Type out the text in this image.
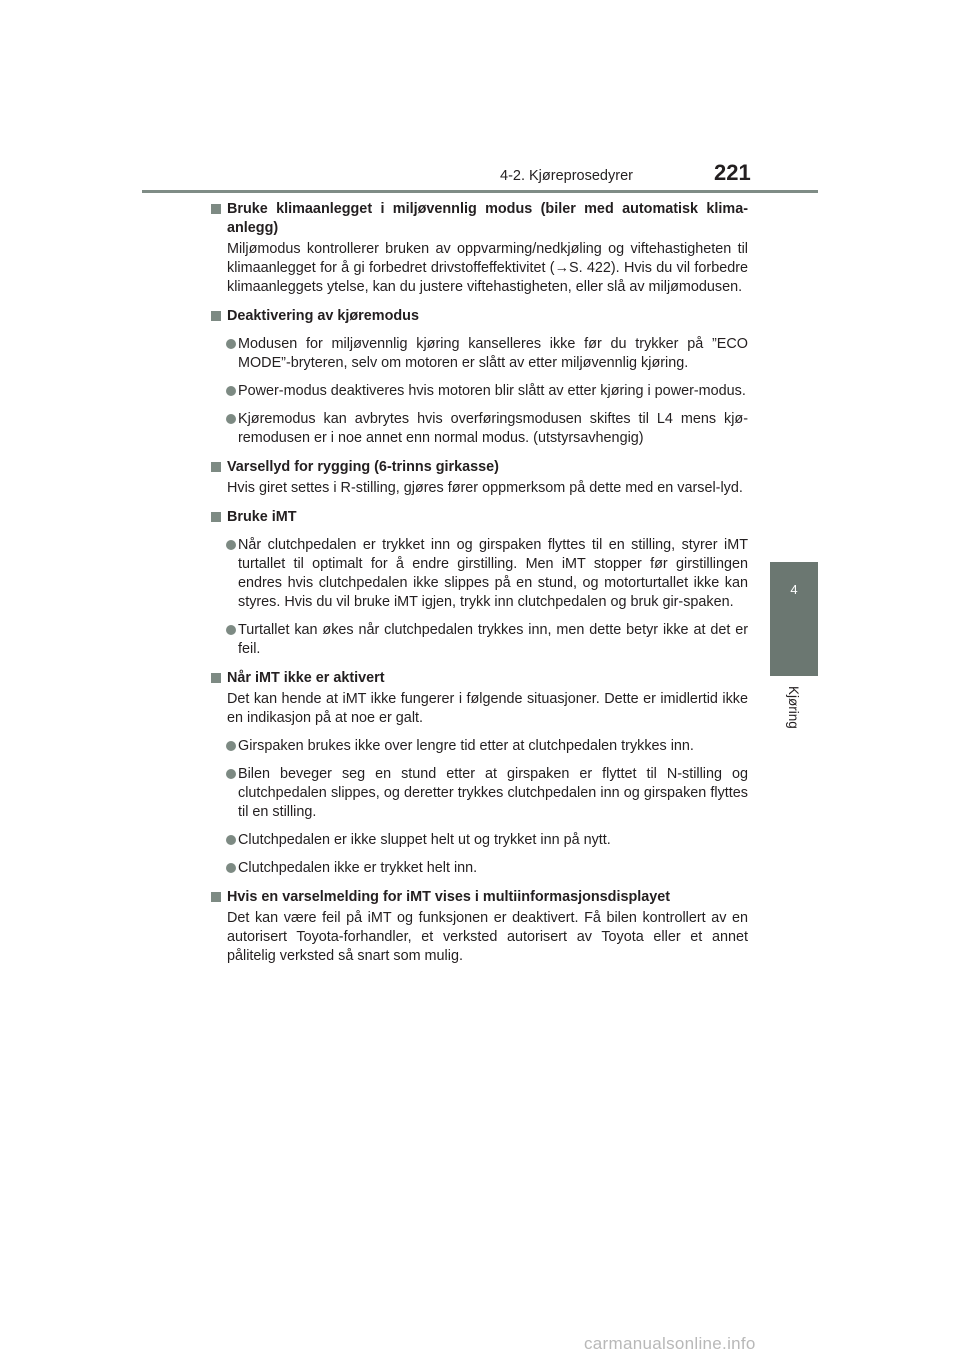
4-2. Kjøreprosedyrer	221
4
Kjøring
Bruke klimaanlegget i miljøvennlig modus (biler med automatisk klima-anlegg)
Miljømodus kontrollerer bruken av oppvarming/nedkjøling og viftehastigheten til klimaanlegget for å gi forbedret drivstoffeffektivitet (→S. 422). Hvis du vil forbedre klimaanleggets ytelse, kan du justere viftehastigheten, eller slå av miljømodusen.
Deaktivering av kjøremodus
Modusen for miljøvennlig kjøring kanselleres ikke før du trykker på ”ECO MODE”-bryteren, selv om motoren er slått av etter miljøvennlig kjøring.
Power-modus deaktiveres hvis motoren blir slått av etter kjøring i power-modus.
Kjøremodus kan avbrytes hvis overføringsmodusen skiftes til L4 mens kjø-remodusen er i noe annet enn normal modus. (utstyrsavhengig)
Varsellyd for rygging (6-trinns girkasse)
Hvis giret settes i R-stilling, gjøres fører oppmerksom på dette med en varsel-lyd.
Bruke iMT
Når clutchpedalen er trykket inn og girspaken flyttes til en stilling, styrer iMT turtallet til optimalt for å endre girstilling. Men iMT stopper før girstillingen endres hvis clutchpedalen ikke slippes på en stund, og motorturtallet ikke kan styres. Hvis du vil bruke iMT igjen, trykk inn clutchpedalen og bruk gir-spaken.
Turtallet kan økes når clutchpedalen trykkes inn, men dette betyr ikke at det er feil.
Når iMT ikke er aktivert
Det kan hende at iMT ikke fungerer i følgende situasjoner. Dette er imidlertid ikke en indikasjon på at noe er galt.
Girspaken brukes ikke over lengre tid etter at clutchpedalen trykkes inn.
Bilen beveger seg en stund etter at girspaken er flyttet til N-stilling og clutchpedalen slippes, og deretter trykkes clutchpedalen inn og girspaken flyttes til en stilling.
Clutchpedalen er ikke sluppet helt ut og trykket inn på nytt.
Clutchpedalen ikke er trykket helt inn.
Hvis en varselmelding for iMT vises i multiinformasjonsdisplayet
Det kan være feil på iMT og funksjonen er deaktivert. Få bilen kontrollert av en autorisert Toyota-forhandler, et verksted autorisert av Toyota eller et annet pålitelig verksted så snart som mulig.
carmanualsonline.info
